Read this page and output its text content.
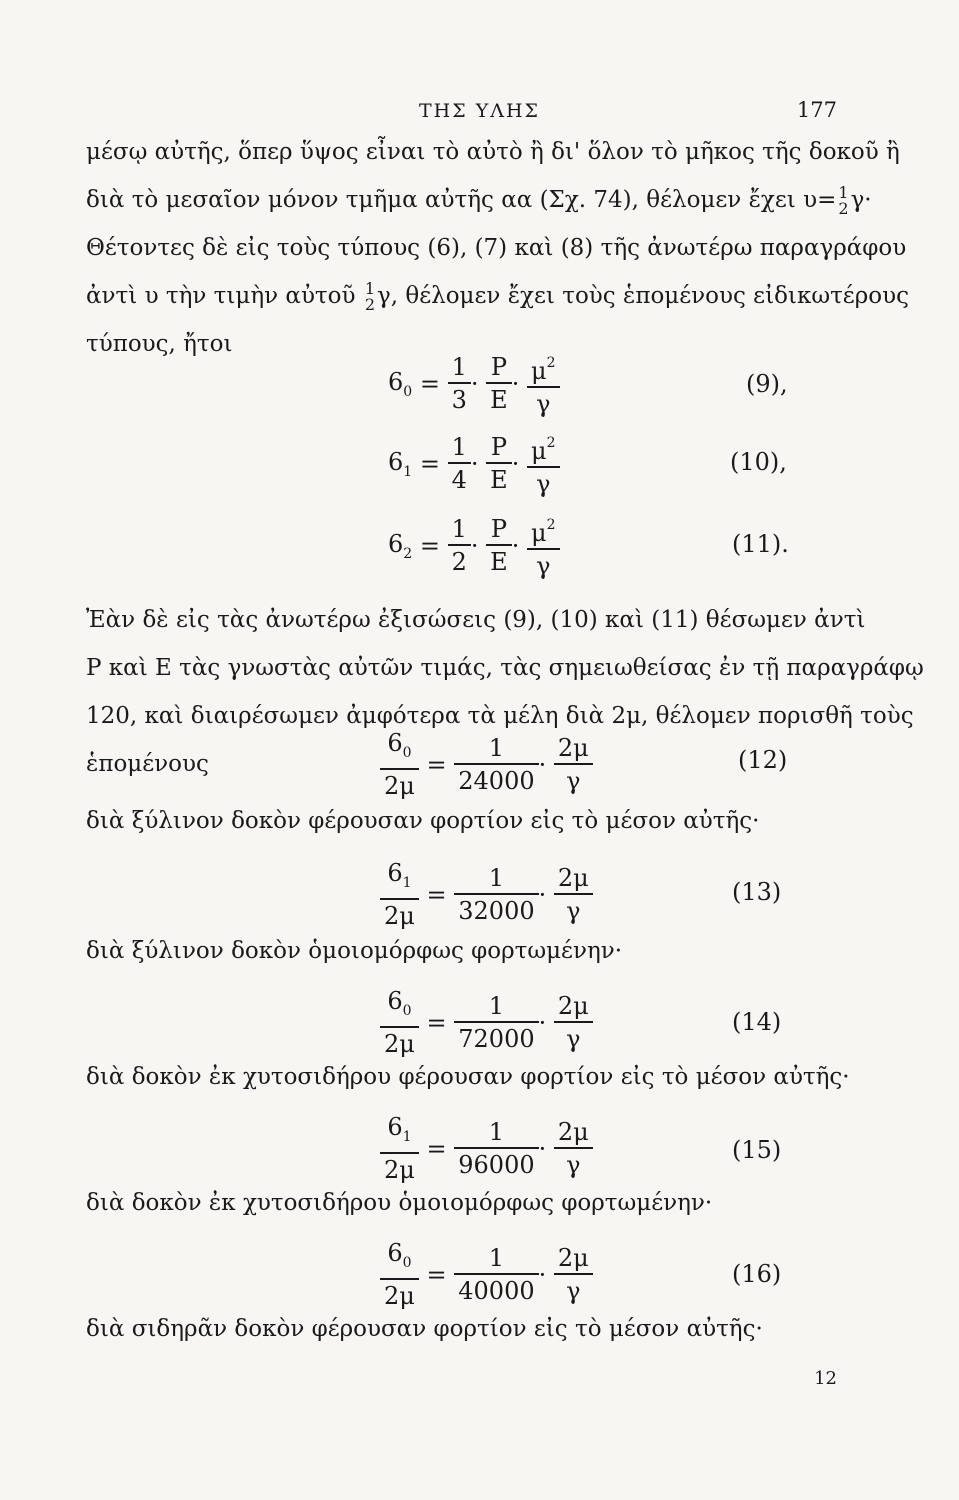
ΤΗΣ ΥΛΗΣ	177
μέσῳ αὐτῆς, ὅπερ ὕψος εἶναι τὸ αὐτὸ ἢ δι' ὅλον τὸ μῆκος τῆς δοκοῦ ἢ
διὰ τὸ μεσαῖον μόνον τμῆμα αὐτῆς αα (Σχ. 74), θέλομεν ἔχει υ= 1
2 γ·
Θέτοντες δὲ εἰς τοὺς τύπους (6), (7) καὶ (8) τῆς ἀνωτέρω παραγράφου
ἀντὶ υ τὴν τιμὴν αὐτοῦ 1
2 γ, θέλομεν ἔχει τοὺς ἑπομένους εἰδικωτέρους
τύπους, ἤτοι
$6_0 = \frac{1}{3} \cdot \frac{P}{E} \cdot \frac{\mu^2}{\gamma}$	(9),
$6_1 = \frac{1}{4} \cdot \frac{P}{E} \cdot \frac{\mu^2}{\gamma}$	(10),
$6_2 = \frac{1}{2} \cdot \frac{P}{E} \cdot \frac{\mu^2}{\gamma}$	(11).
Ἐὰν δὲ εἰς τὰς ἀνωτέρω ἐξισώσεις (9), (10) καὶ (11) θέσωμεν ἀντὶ
P καὶ E τὰς γνωστὰς αὐτῶν τιμάς, τὰς σημειωθείσας ἐν τῇ παραγράφῳ
120, καὶ διαιρέσωμεν ἀμφότερα τὰ μέλη διὰ 2μ, θέλομεν πορισθῆ τοὺς
ἑπομένους	$\frac{6_0}{2\mu} = \frac{1}{24000} \cdot \frac{2\mu}{\gamma}$	(12)
διὰ ξύλινον δοκὸν φέρουσαν φορτίον εἰς τὸ μέσον αὐτῆς·
$\frac{6_1}{2\mu} = \frac{1}{32000} \cdot \frac{2\mu}{\gamma}$	(13)
διὰ ξύλινον δοκὸν ὁμοιομόρφως φορτωμένην·
$\frac{6_0}{2\mu} = \frac{1}{72000} \cdot \frac{2\mu}{\gamma}$	(14)
διὰ δοκὸν ἐκ χυτοσιδήρου φέρουσαν φορτίον εἰς τὸ μέσον αὐτῆς·
$\frac{6_1}{2\mu} = \frac{1}{96000} \cdot \frac{2\mu}{\gamma}$	(15)
διὰ δοκὸν ἐκ χυτοσιδήρου ὁμοιομόρφως φορτωμένην·
$\frac{6_0}{2\mu} = \frac{1}{40000} \cdot \frac{2\mu}{\gamma}$	(16)
διὰ σιδηρᾶν δοκὸν φέρουσαν φορτίον εἰς τὸ μέσον αὐτῆς·
12
